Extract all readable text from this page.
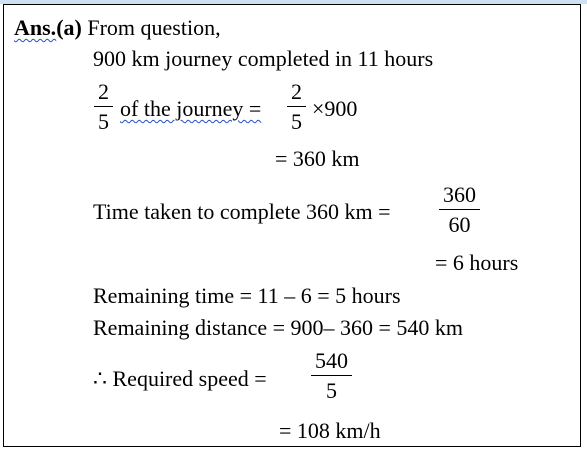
Ans.(a) From question,
900 km journey completed in 11 hours
2
5
of the journey =
2
5
×900
= 360 km
Time taken to complete 360 km =
360
60
= 6 hours
Remaining time = 11 – 6 = 5 hours
Remaining distance = 900– 360 = 540 km
∴ Required speed =
540
5
= 108 km/h
